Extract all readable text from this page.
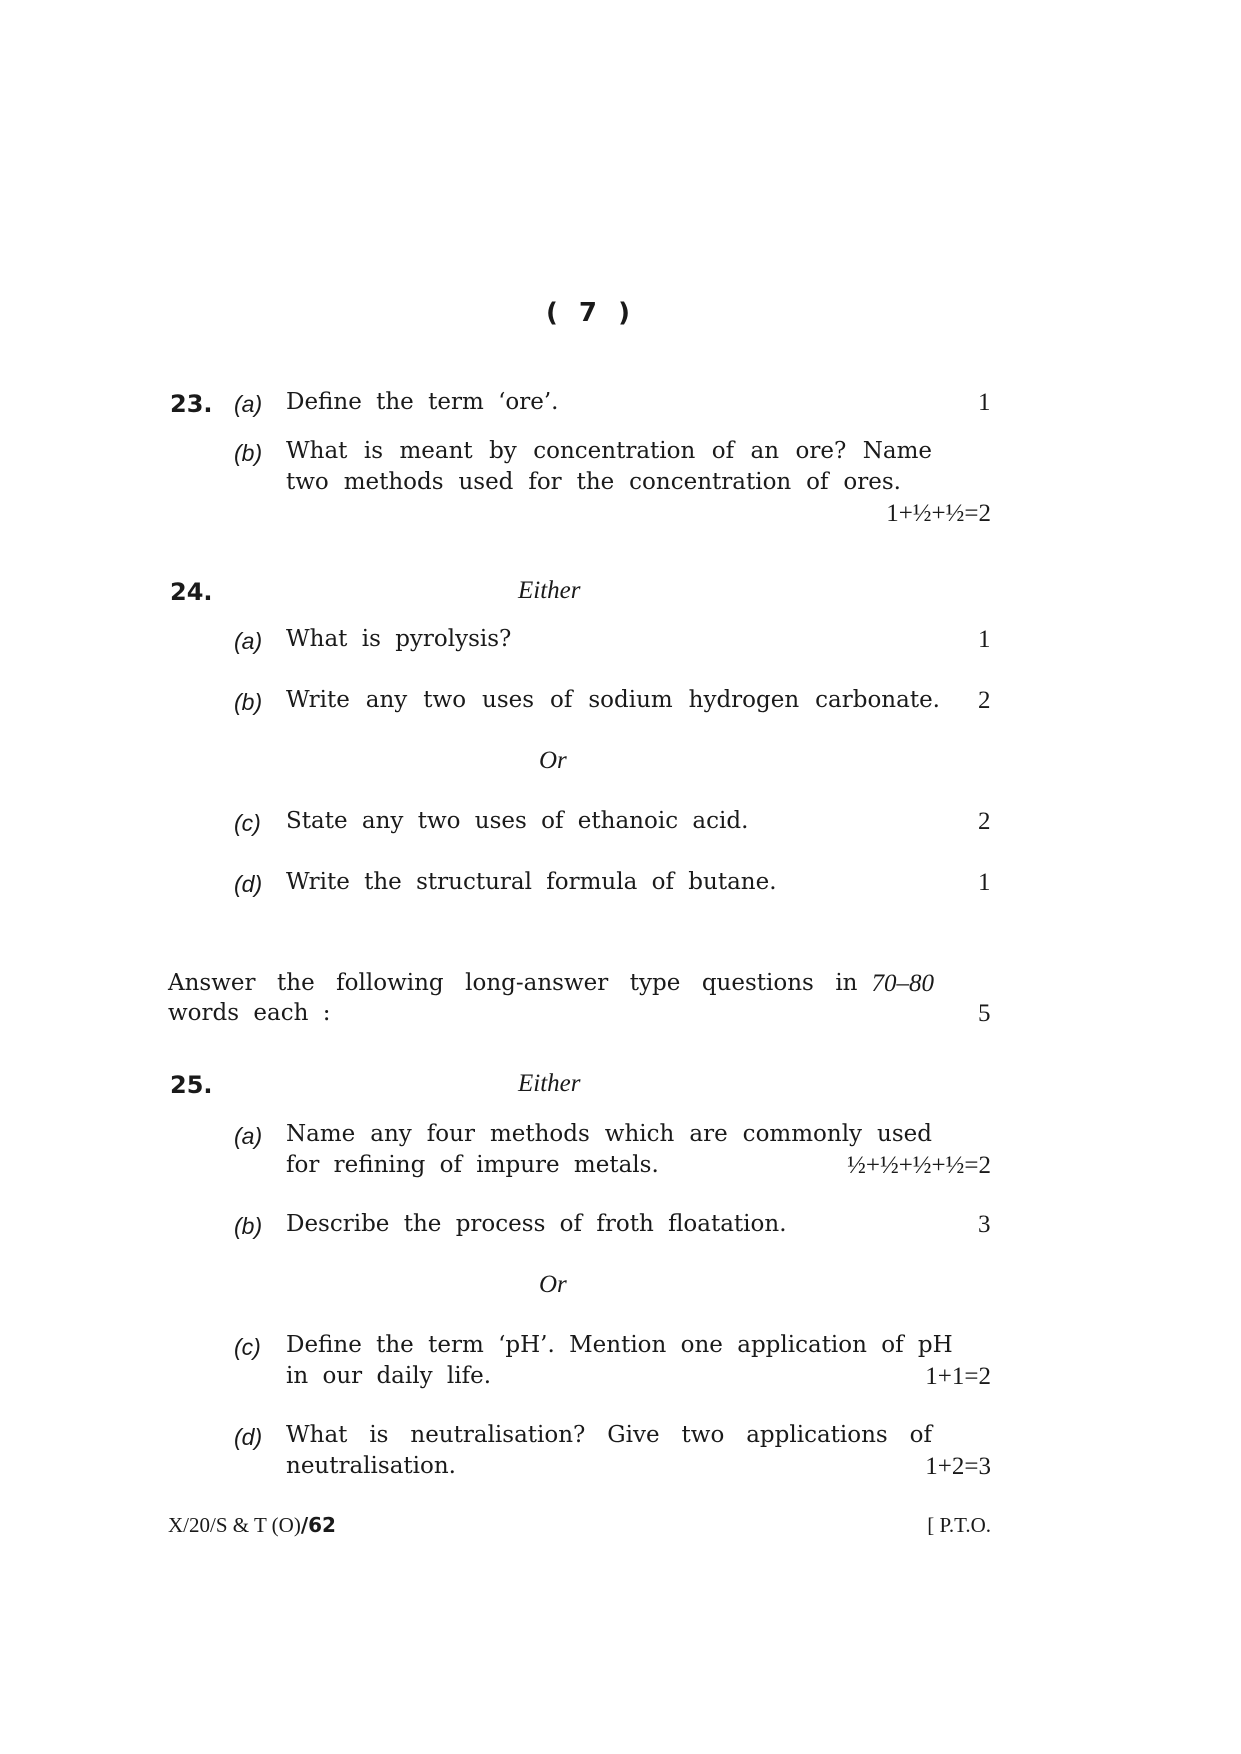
( 7 )
23. (a) Define the term ‘ore’.	1
(b) What is meant by concentration of an ore? Name
two methods used for the concentration of ores.
1+½+½=2
24.	Either
(a) What is pyrolysis?	1
(b) Write any two uses of sodium hydrogen carbonate. 2
Or
(c) State any two uses of ethanoic acid.	2
(d) Write the structural formula of butane.	1
Answer the following long-answer type questions in 70–80
words each :	5
25.	Either
(a) Name any four methods which are commonly used
for refining of impure metals.	½+½+½+½=2
(b) Describe the process of froth floatation.	3
Or
(c) Define the term ‘pH’. Mention one application of pH
in our daily life.	1+1=2
(d) What is neutralisation? Give two applications of
neutralisation.	1+2=3
X/20/S & T (O)/62	[ P.T.O.
